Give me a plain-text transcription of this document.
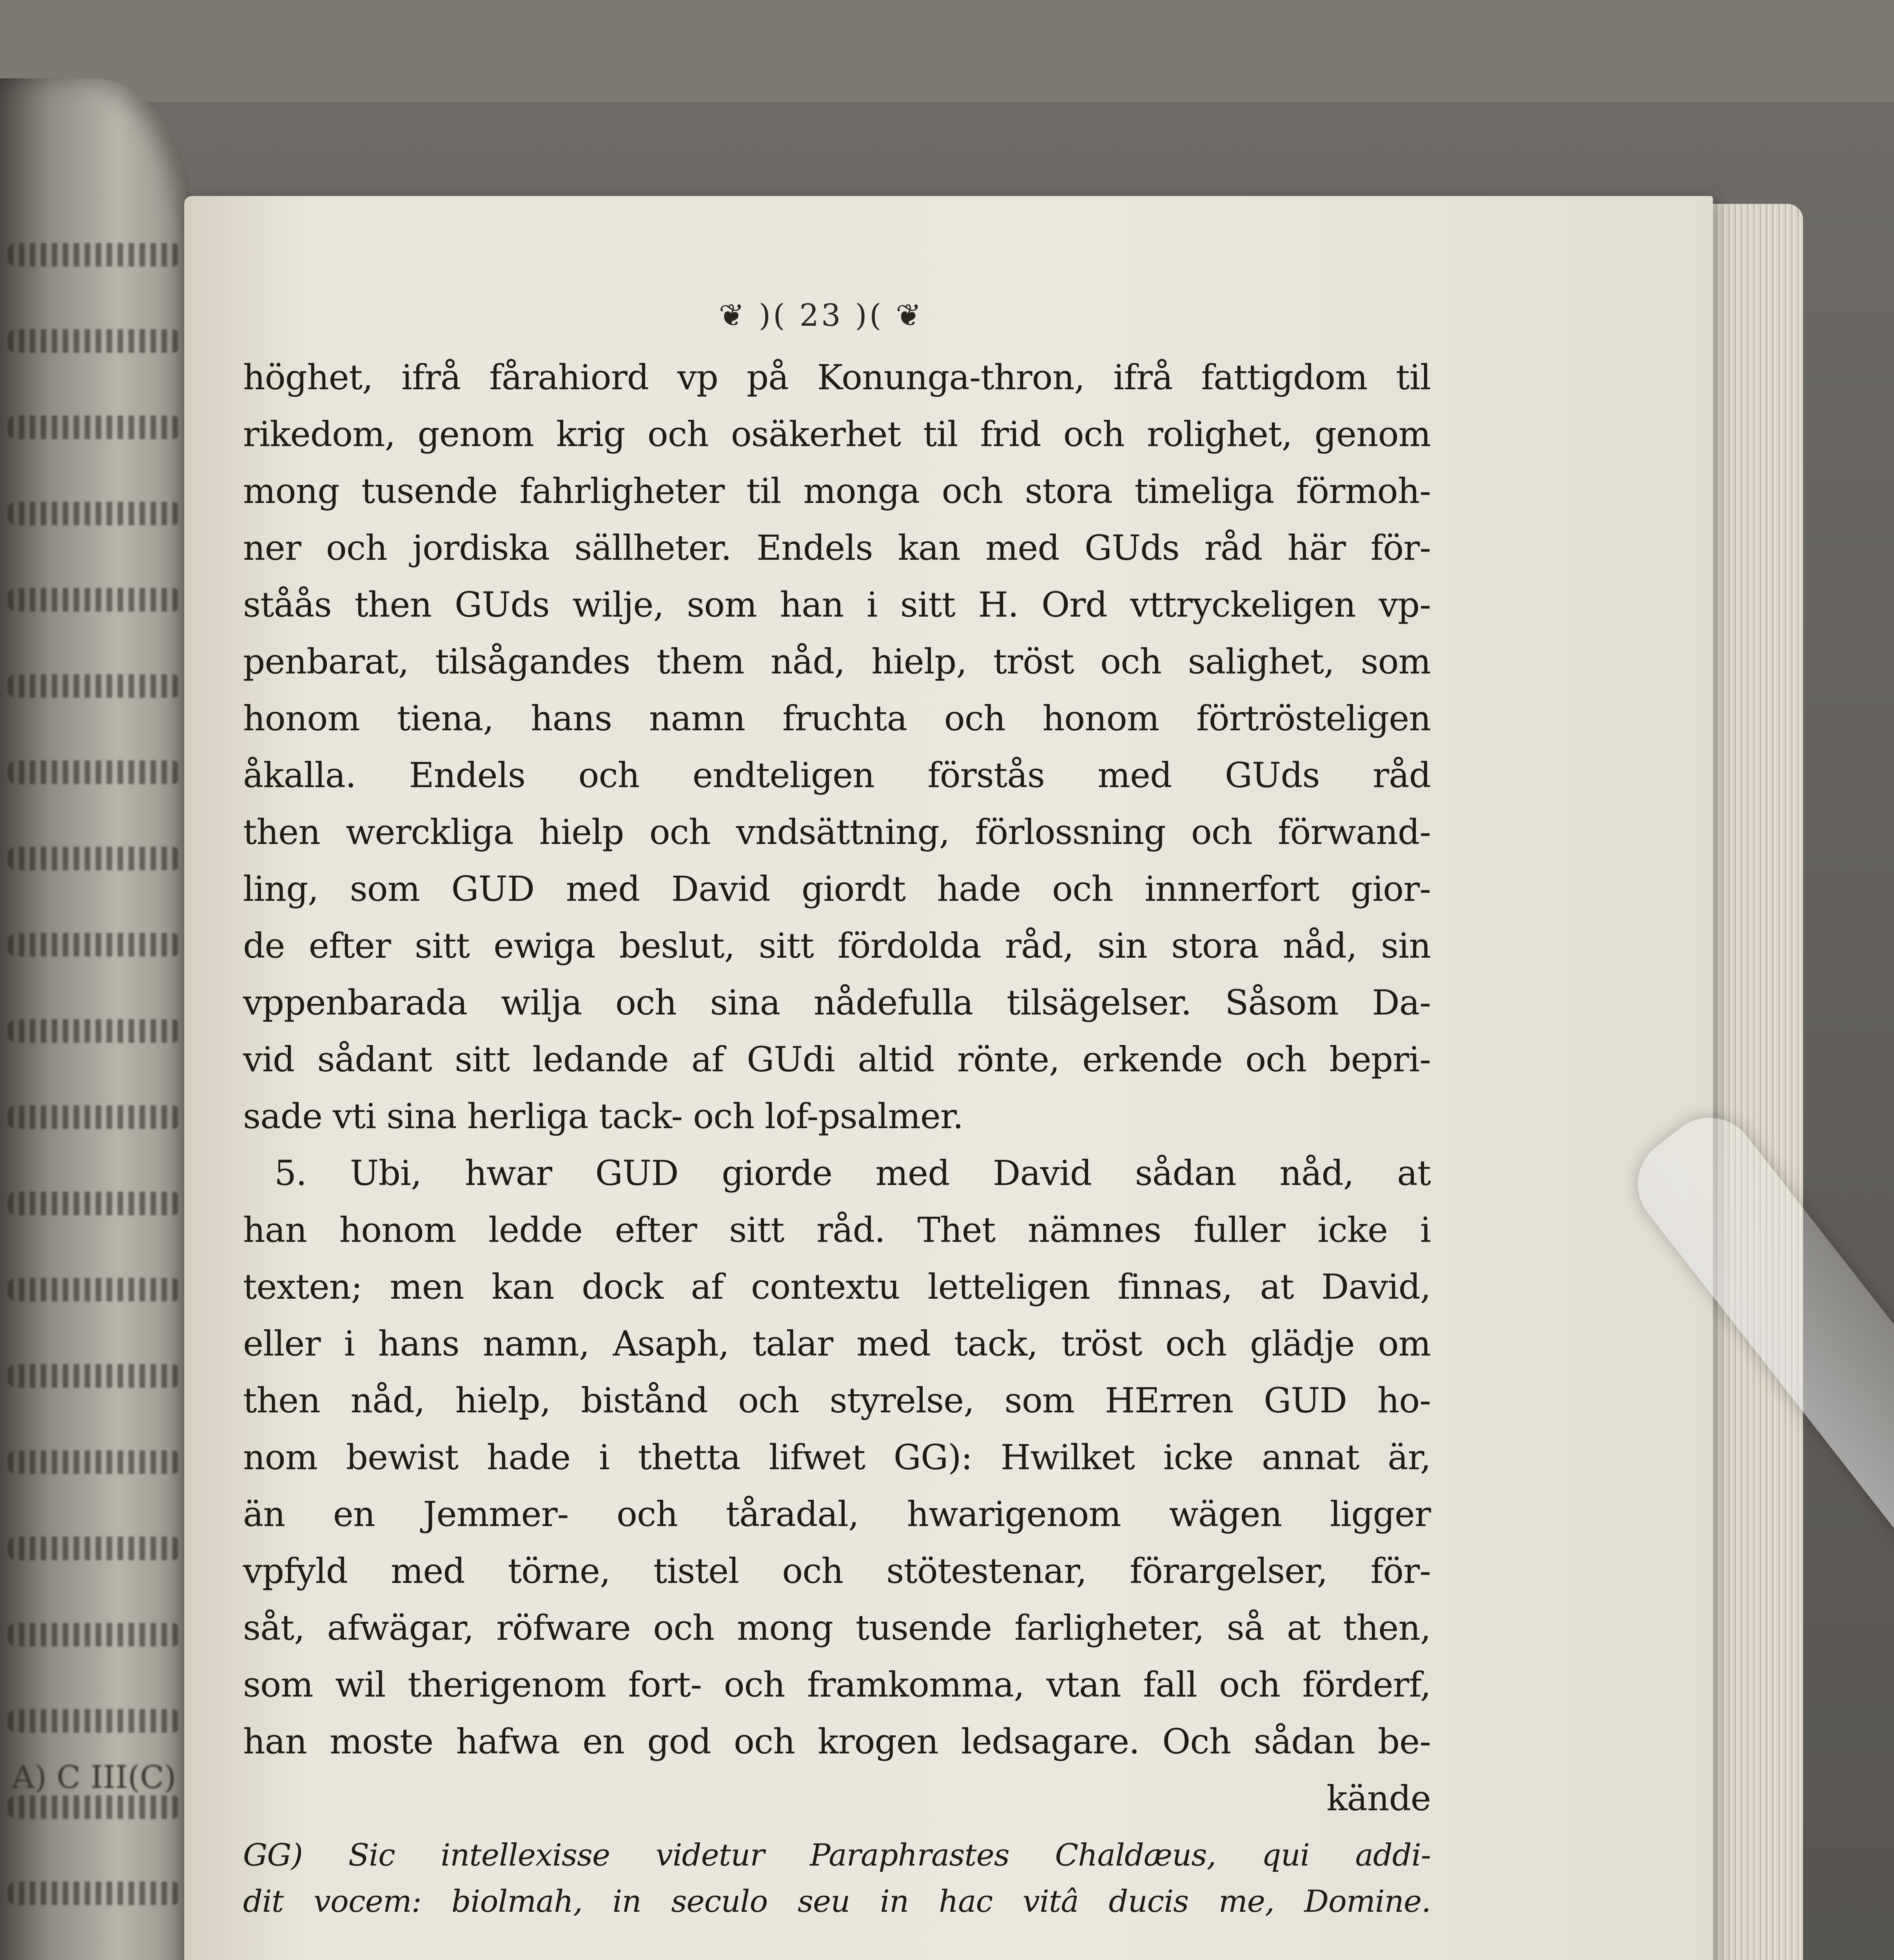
A) C III(C)
❦ )( 23 )( ❦
höghet, ifrå fårahiord vp på Konunga-thron, ifrå fattigdom til
rikedom, genom krig och osäkerhet til frid och rolighet, genom
mong tusende fahrligheter til monga och stora timeliga förmoh-
ner och jordiska sällheter. Endels kan med GUds råd här för-
ståås then GUds wilje, som han i sitt H. Ord vttryckeligen vp-
penbarat, tilsågandes them nåd, hielp, tröst och salighet, som
honom tiena, hans namn fruchta och honom förtrösteligen
åkalla. Endels och endteligen förstås med GUds råd
then werckliga hielp och vndsättning, förlossning och förwand-
ling, som GUD med David giordt hade och innnerfort gior-
de efter sitt ewiga beslut, sitt fördolda råd, sin stora nåd, sin
vppenbarada wilja och sina nådefulla tilsägelser. Såsom Da-
vid sådant sitt ledande af GUdi altid rönte, erkende och bepri-
sade vti sina herliga tack- och lof-psalmer.
5. Ubi, hwar GUD giorde med David sådan nåd, at
han honom ledde efter sitt råd. Thet nämnes fuller icke i
texten; men kan dock af contextu letteligen finnas, at David,
eller i hans namn, Asaph, talar med tack, tröst och glädje om
then nåd, hielp, bistånd och styrelse, som HErren GUD ho-
nom bewist hade i thetta lifwet GG): Hwilket icke annat är,
än en Jemmer- och tåradal, hwarigenom wägen ligger
vpfyld med törne, tistel och stötestenar, förargelser, för-
såt, afwägar, röfware och mong tusende farligheter, så at then,
som wil therigenom fort- och framkomma, vtan fall och förderf,
han moste hafwa en god och krogen ledsagare. Och sådan be-
kände
GG) Sic intellexisse videtur Paraphrastes Chaldæus, qui addi-
dit vocem: biolmah, in seculo seu in hac vitâ ducis me, Domine.
